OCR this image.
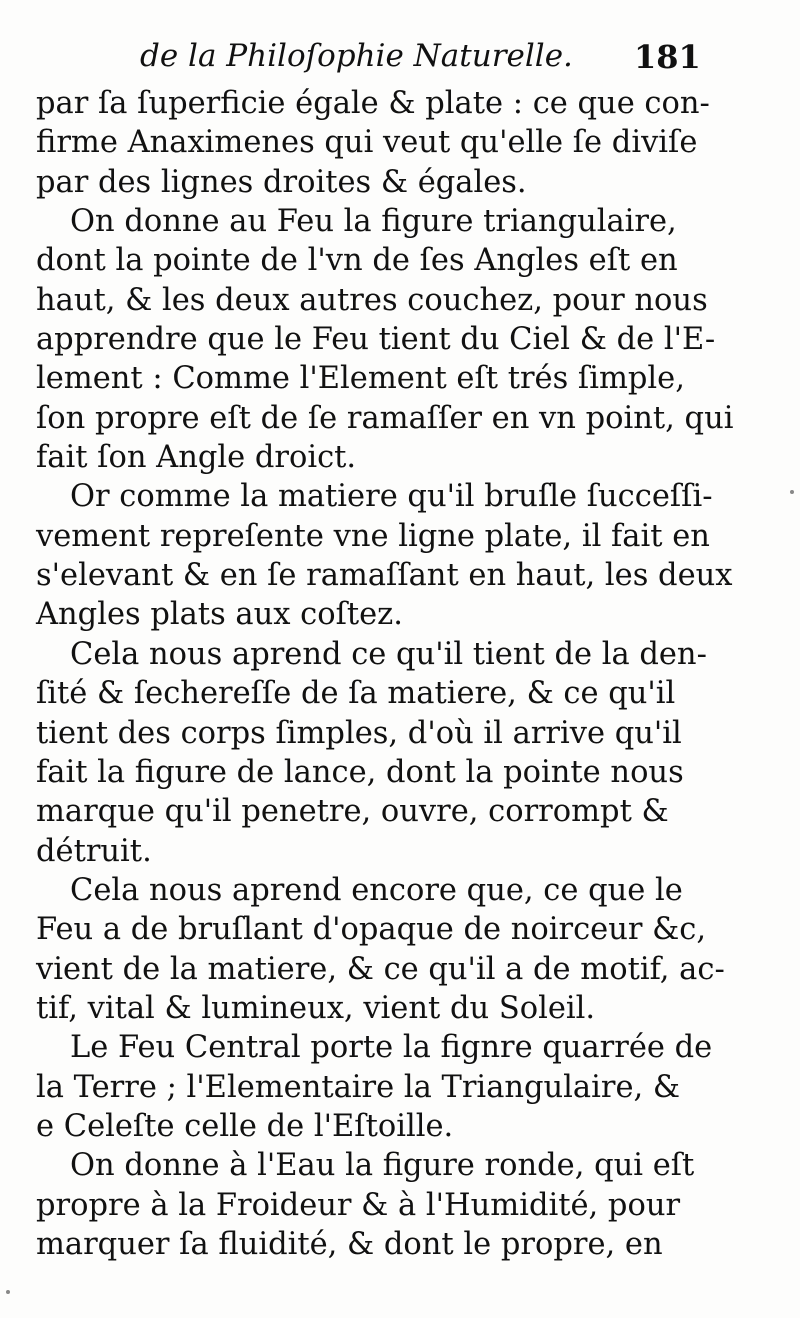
de la Philoſophie Naturelle. 181
par ſa ſuperficie égale & plate : ce que con-
firme Anaximenes qui veut qu'elle ſe diviſe
par des lignes droites & égales.
On donne au Feu la figure triangulaire,
dont la pointe de l'vn de ſes Angles eſt en
haut, & les deux autres couchez, pour nous
apprendre que le Feu tient du Ciel & de l'E-
lement : Comme l'Element eſt trés ſimple,
ſon propre eſt de ſe ramaſſer en vn point, qui
fait ſon Angle droict.
Or comme la matiere qu'il bruſle ſucceſſi-
vement repreſente vne ligne plate, il fait en
s'elevant & en ſe ramaſſant en haut, les deux
Angles plats aux coſtez.
Cela nous aprend ce qu'il tient de la den-
ſité & ſechereſſe de ſa matiere, & ce qu'il
tient des corps ſimples, d'où il arrive qu'il
fait la figure de lance, dont la pointe nous
marque qu'il penetre, ouvre, corrompt &
détruit.
Cela nous aprend encore que, ce que le
Feu a de bruſlant d'opaque de noirceur &c,
vient de la matiere, & ce qu'il a de motif, ac-
tif, vital & lumineux, vient du Soleil.
Le Feu Central porte la fignre quarrée de
la Terre ; l'Elementaire la Triangulaire, &
e Celeſte celle de l'Eſtoille.
On donne à l'Eau la figure ronde, qui eſt
propre à la Froideur & à l'Humidité, pour
marquer ſa fluidité, & dont le propre, en
